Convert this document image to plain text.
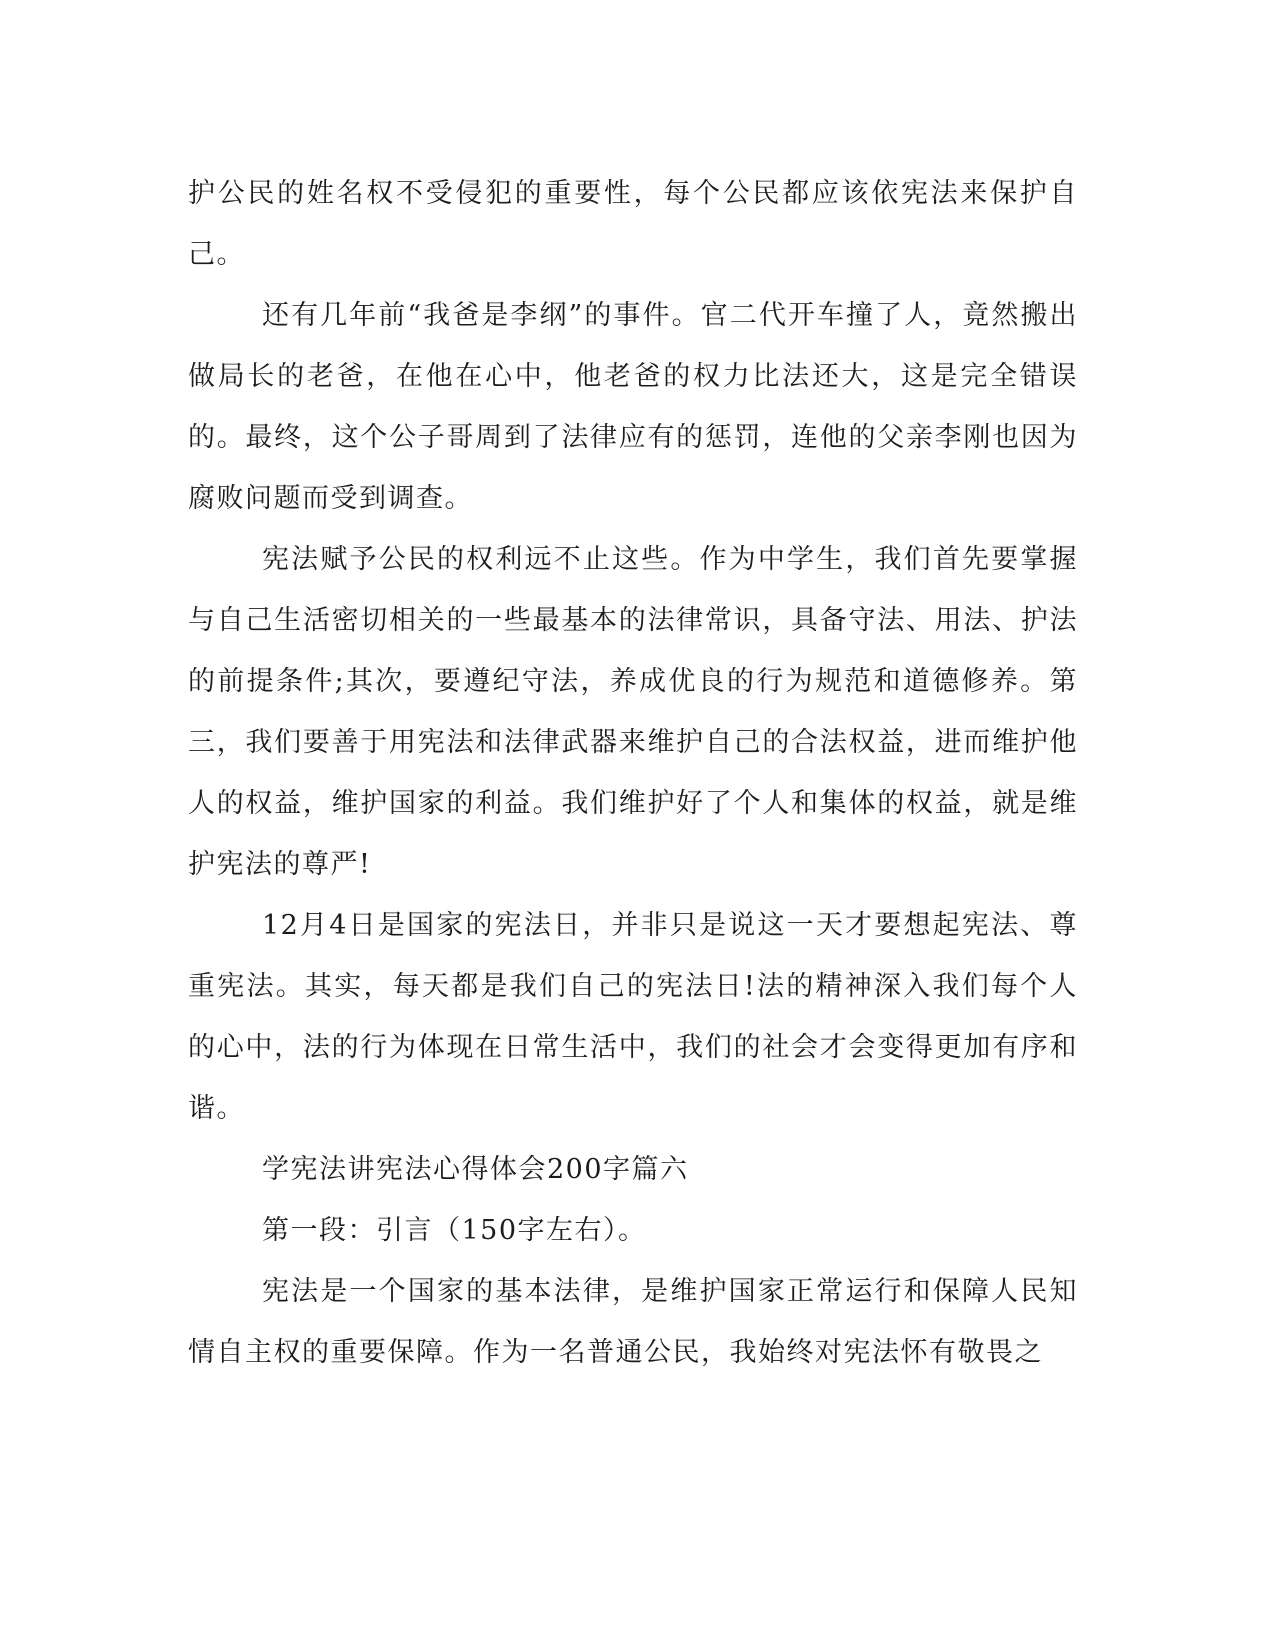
护公民的姓名权不受侵犯的重要性，每个公民都应该依宪法来保护自己。

还有几年前“我爸是李纲”的事件。官二代开车撞了人，竟然搬出做局长的老爸，在他在心中，他老爸的权力比法还大，这是完全错误的。最终，这个公子哥周到了法律应有的惩罚，连他的父亲李刚也因为腐败问题而受到调查。

宪法赋予公民的权利远不止这些。作为中学生，我们首先要掌握与自己生活密切相关的一些最基本的法律常识，具备守法、用法、护法的前提条件;其次，要遵纪守法，养成优良的行为规范和道德修养。第三，我们要善于用宪法和法律武器来维护自己的合法权益，进而维护他人的权益，维护国家的利益。我们维护好了个人和集体的权益，就是维护宪法的尊严!

12月4日是国家的宪法日，并非只是说这一天才要想起宪法、尊重宪法。其实，每天都是我们自己的宪法日!法的精神深入我们每个人的心中，法的行为体现在日常生活中，我们的社会才会变得更加有序和谐。

学宪法讲宪法心得体会200字篇六

第一段：引言（150字左右）。

宪法是一个国家的基本法律，是维护国家正常运行和保障人民知情自主权的重要保障。作为一名普通公民，我始终对宪法怀有敬畏之
